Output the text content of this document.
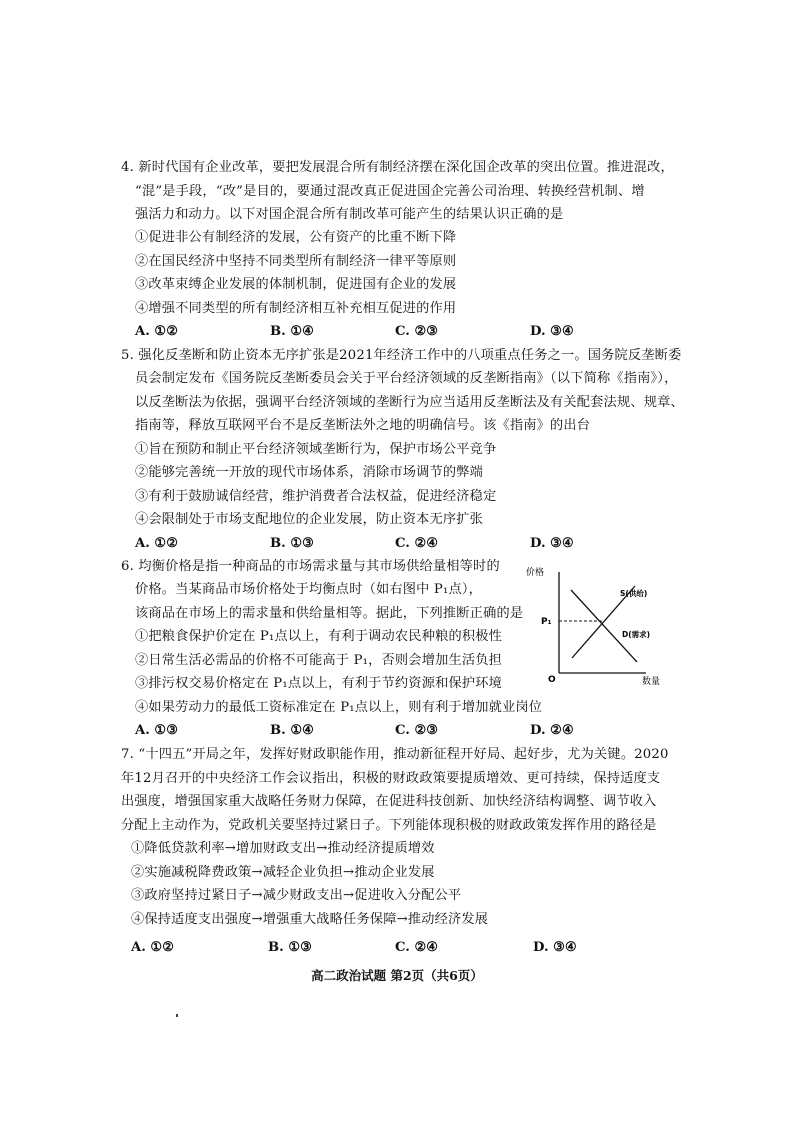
4. 新时代国有企业改革，要把发展混合所有制经济摆在深化国企改革的突出位置。推进混改，
“混”是手段，“改”是目的，要通过混改真正促进国企完善公司治理、转换经营机制、增
强活力和动力。以下对国企混合所有制改革可能产生的结果认识正确的是
①促进非公有制经济的发展，公有资产的比重不断下降
②在国民经济中坚持不同类型所有制经济一律平等原则
③改革束缚企业发展的体制机制，促进国有企业的发展
④增强不同类型的所有制经济相互补充相互促进的作用
A. ①②	B. ①④	C. ②③	D. ③④
5. 强化反垄断和防止资本无序扩张是2021年经济工作中的八项重点任务之一。国务院反垄断委
员会制定发布《国务院反垄断委员会关于平台经济领域的反垄断指南》（以下简称《指南》），
以反垄断法为依据，强调平台经济领域的垄断行为应当适用反垄断法及有关配套法规、规章、
指南等，释放互联网平台不是反垄断法外之地的明确信号。该《指南》的出台
①旨在预防和制止平台经济领域垄断行为，保护市场公平竞争
②能够完善统一开放的现代市场体系，消除市场调节的弊端
③有利于鼓励诚信经营，维护消费者合法权益，促进经济稳定
④会限制处于市场支配地位的企业发展，防止资本无序扩张
A. ①②	B. ①③	C. ②④	D. ③④
6. 均衡价格是指一种商品的市场需求量与其市场供给量相等时的
价格。当某商品市场价格处于均衡点时（如右图中 P₁点），
该商品在市场上的需求量和供给量相等。据此，下列推断正确的是
①把粮食保护价定在 P₁点以上，有利于调动农民种粮的积极性
②日常生活必需品的价格不可能高于 P₁，否则会增加生活负担
③排污权交易价格定在 P₁点以上，有利于节约资源和保护环境
④如果劳动力的最低工资标准定在 P₁点以上，则有利于增加就业岗位
A. ①③	B. ①④	C. ②③	D. ②④
价格
数量
O
P₁
S(供给)
D(需求)
7. “十四五”开局之年，发挥好财政职能作用，推动新征程开好局、起好步，尤为关键。2020
年12月召开的中央经济工作会议指出，积极的财政政策要提质增效、更可持续，保持适度支
出强度，增强国家重大战略任务财力保障，在促进科技创新、加快经济结构调整、调节收入
分配上主动作为，党政机关要坚持过紧日子。下列能体现积极的财政政策发挥作用的路径是
①降低贷款利率→增加财政支出→推动经济提质增效
②实施减税降费政策→减轻企业负担→推动企业发展
③政府坚持过紧日子→减少财政支出→促进收入分配公平
④保持适度支出强度→增强重大战略任务保障→推动经济发展
A. ①②	B. ①③	C. ②④	D. ③④
高二政治试题 第2页（共6页）
